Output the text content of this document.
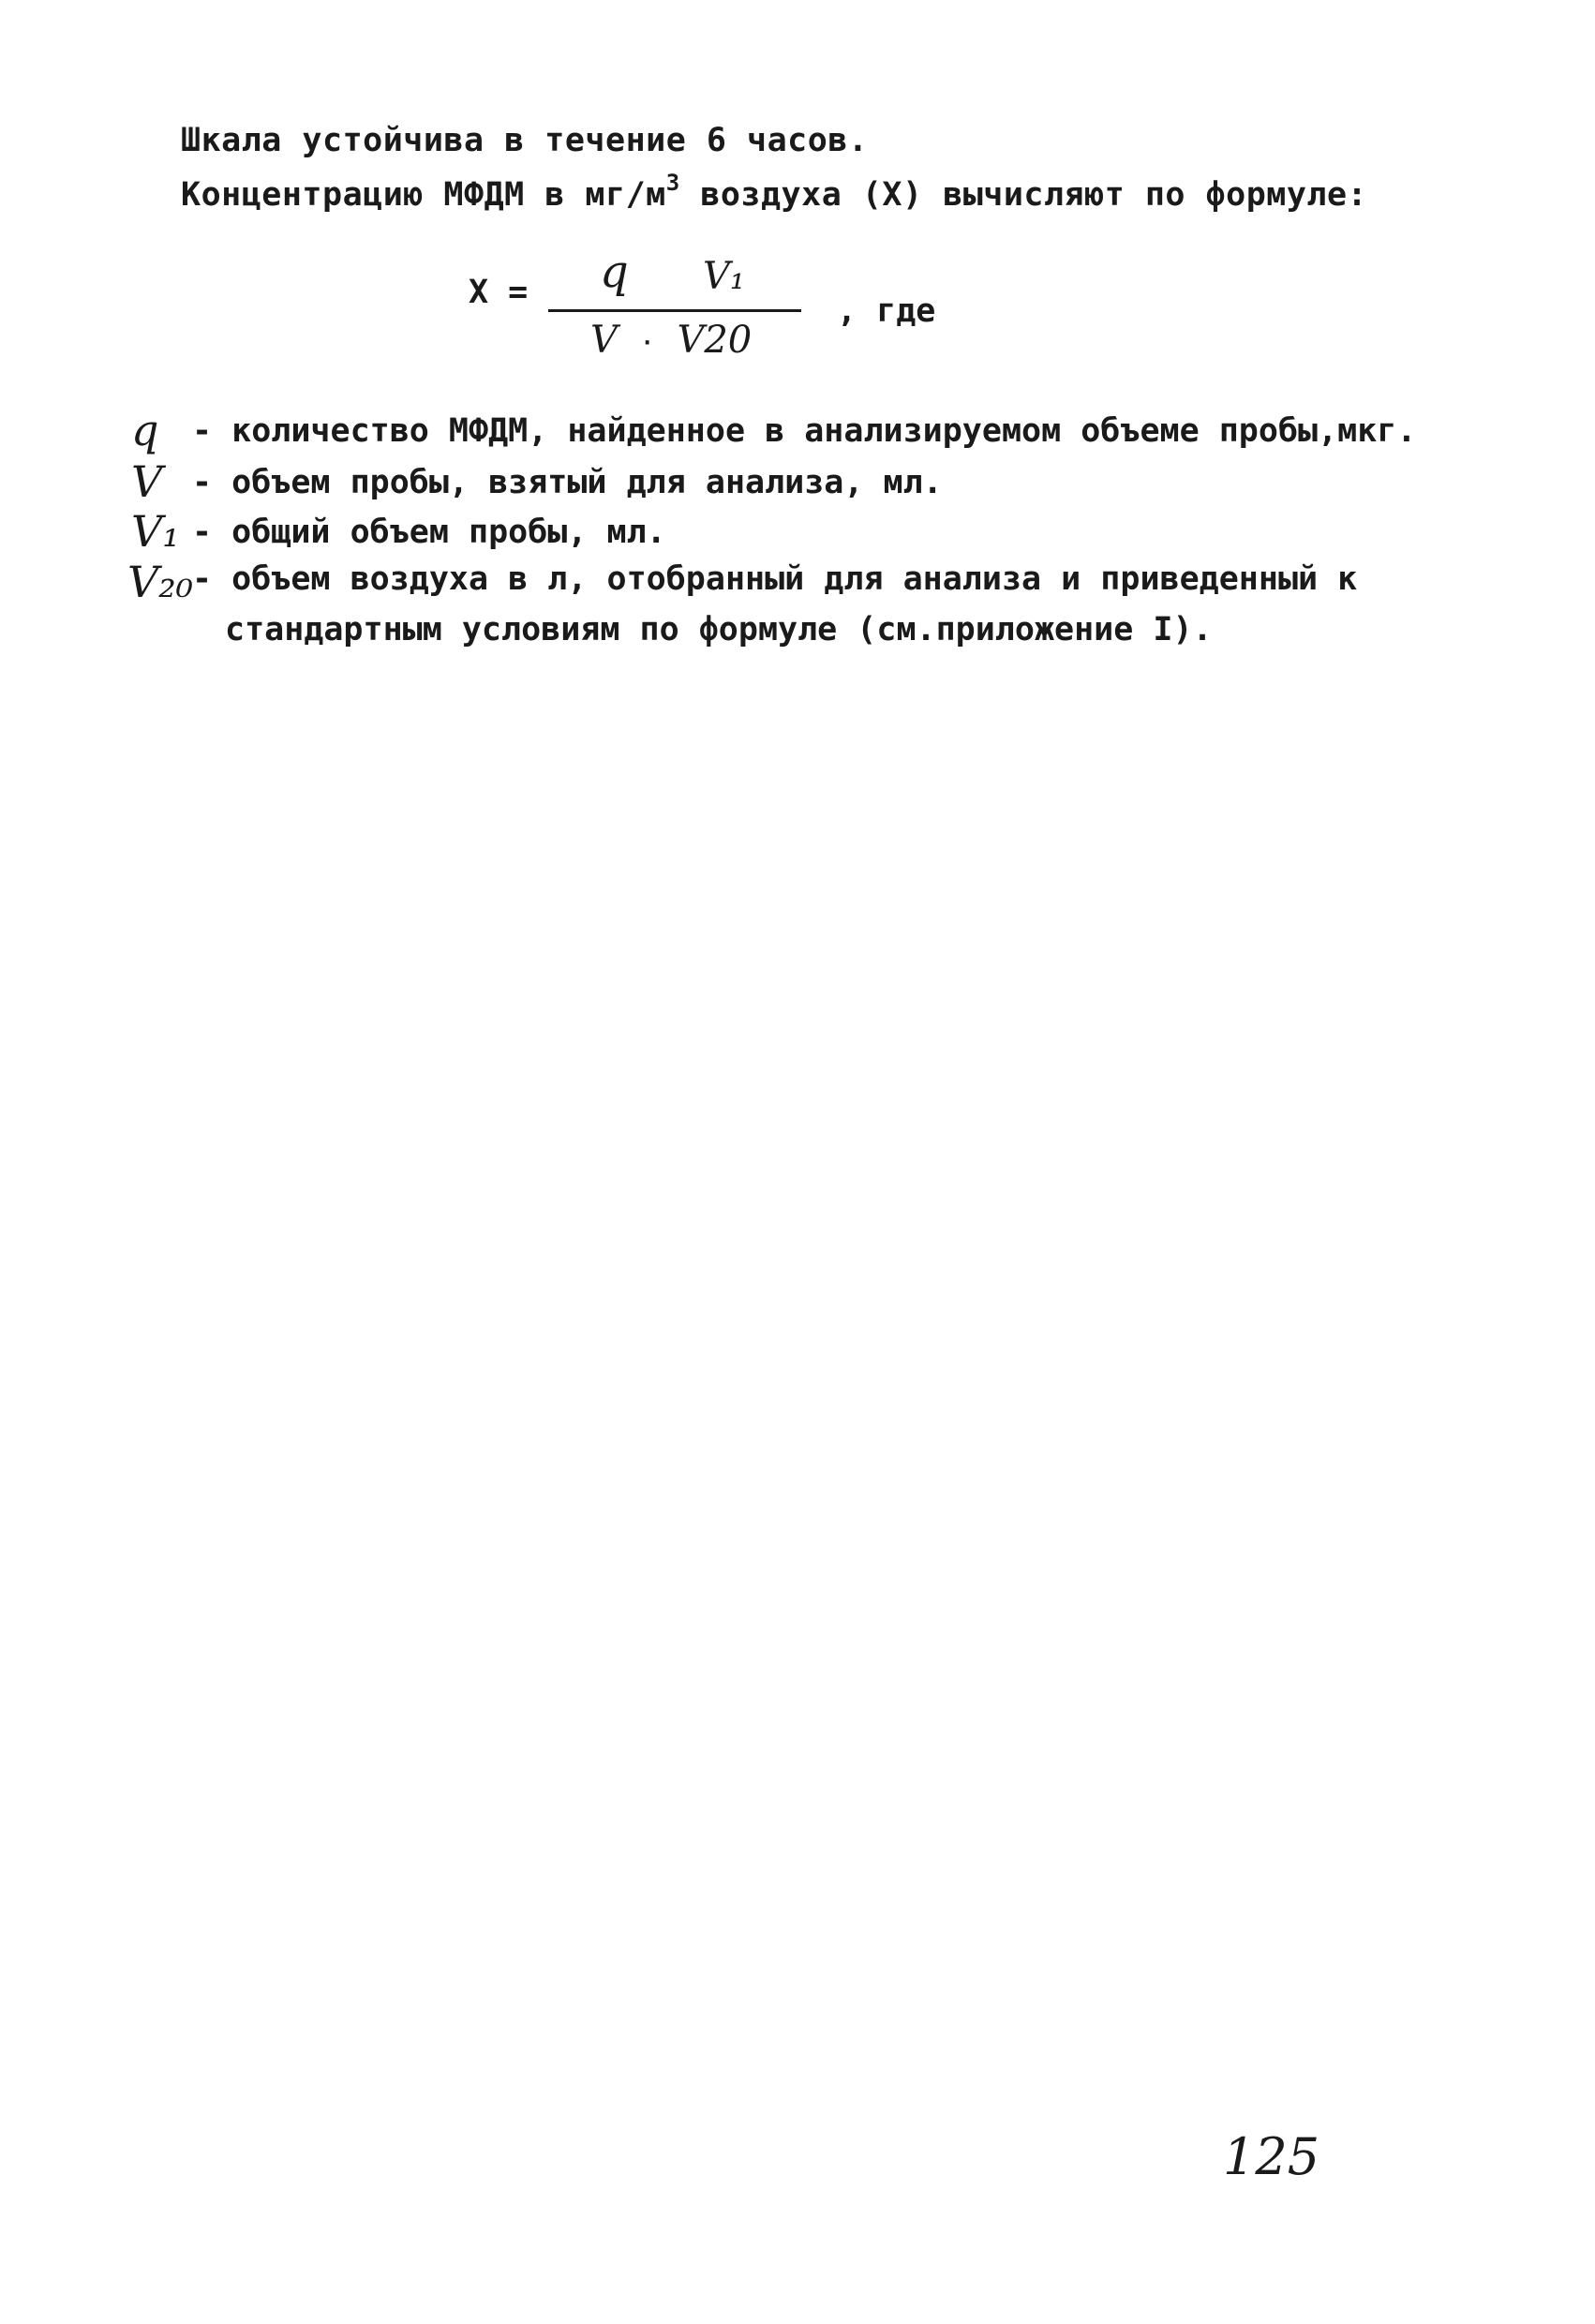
Шкала устойчива в течение 6 часов.
Концентрацию МФДМ в $мг/м^3$ воздуха (Х) вычисляют по формуле:
Х = q V₁
V · V20
, где
q - количество МФДМ, найденное в анализируемом объеме пробы,мкг.
V - объем пробы, взятый для анализа, мл.
V₁ - общий объем пробы, мл.
V₂₀
- объем воздуха в л, отобранный для анализа и приведенный к
стандартным условиям по формуле (см.приложение I).
125
